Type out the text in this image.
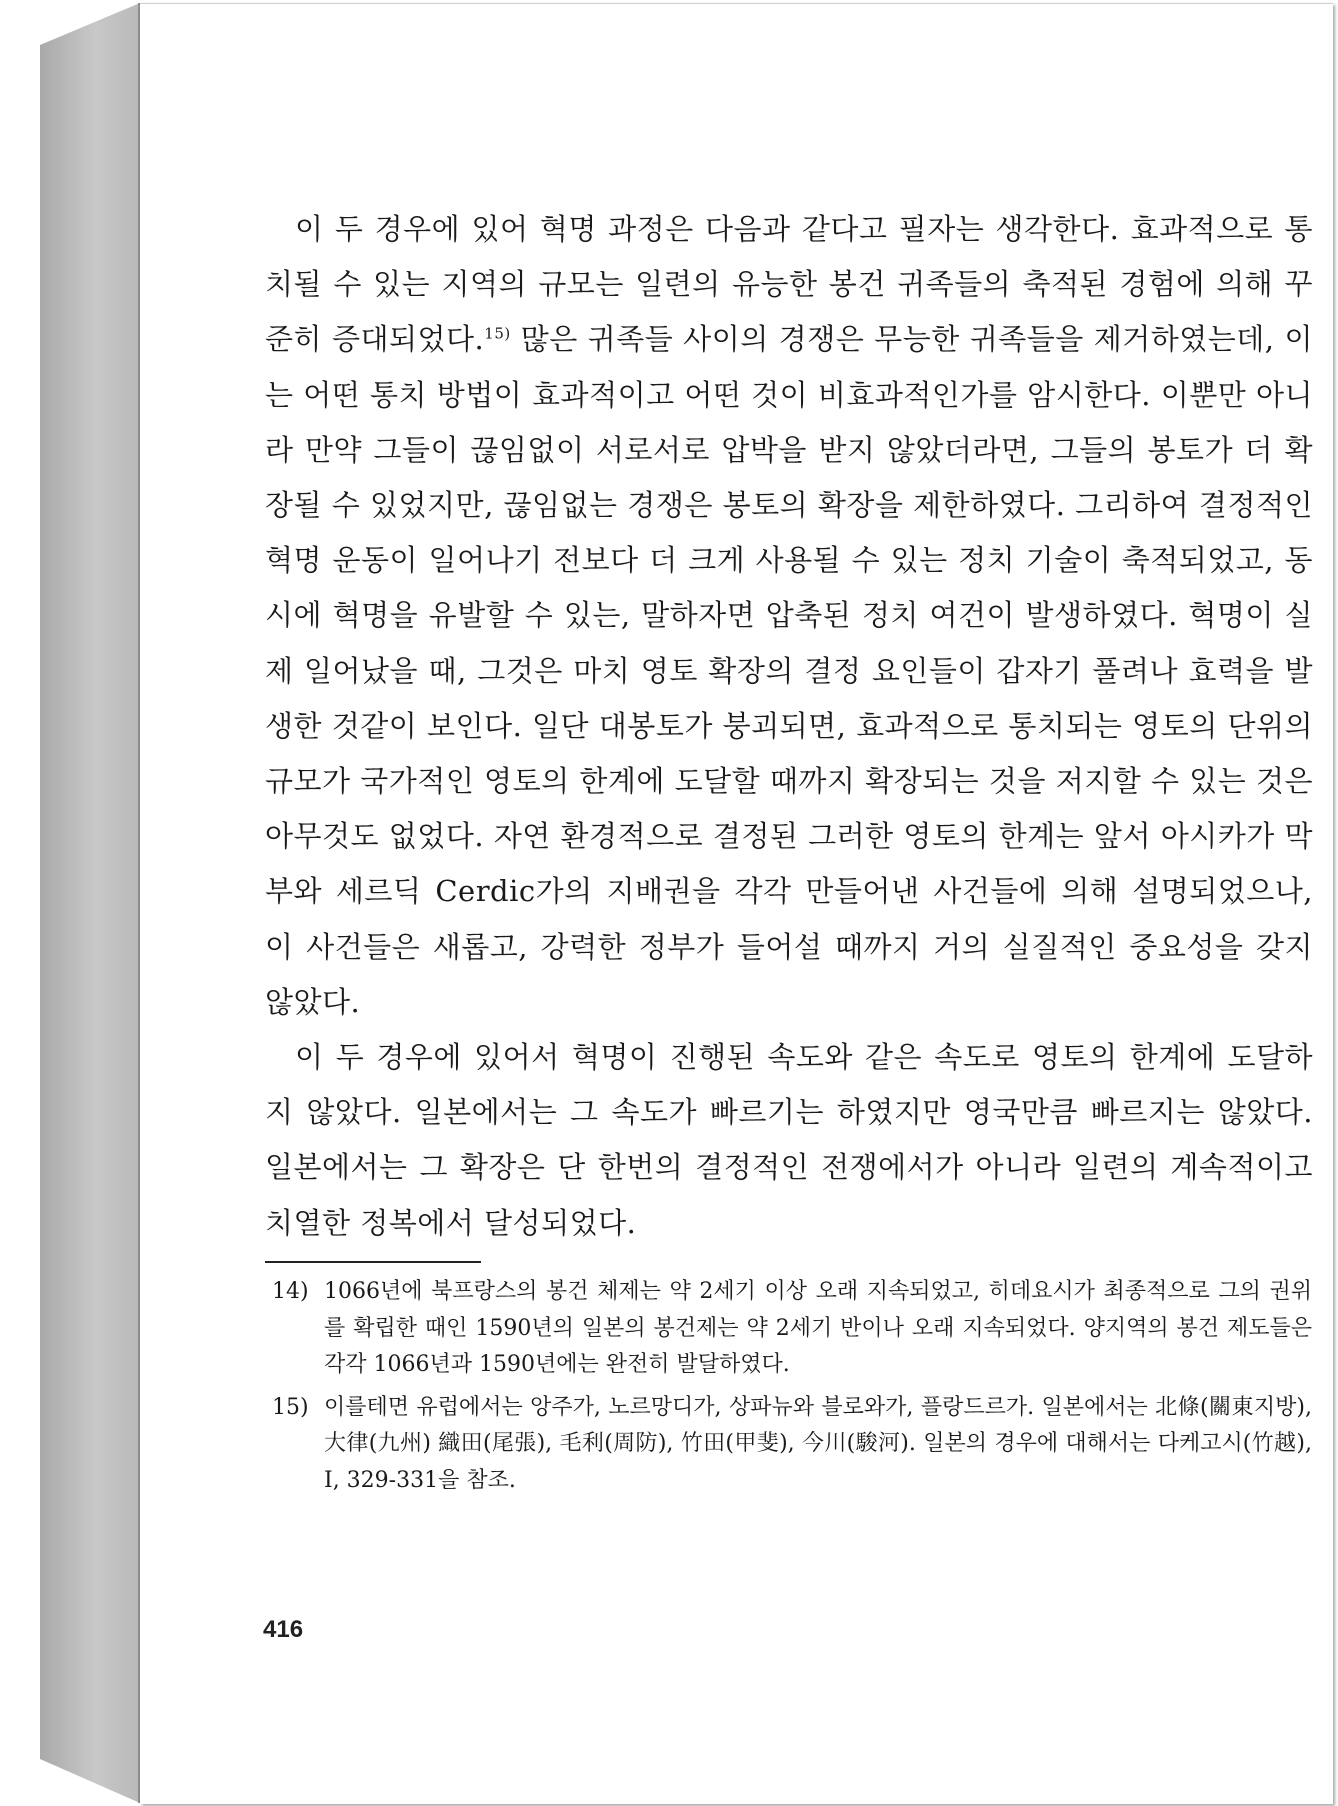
이 두 경우에 있어 혁명 과정은 다음과 같다고 필자는 생각한다. 효과적으로 통치될 수 있는 지역의 규모는 일련의 유능한 봉건 귀족들의 축적된 경험에 의해 꾸준히 증대되었다.$^{15)}$ 많은 귀족들 사이의 경쟁은 무능한 귀족들을 제거하였는데, 이는 어떤 통치 방법이 효과적이고 어떤 것이 비효과적인가를 암시한다. 이뿐만 아니라 만약 그들이 끊임없이 서로서로 압박을 받지 않았더라면, 그들의 봉토가 더 확장될 수 있었지만, 끊임없는 경쟁은 봉토의 확장을 제한하였다. 그리하여 결정적인 혁명 운동이 일어나기 전보다 더 크게 사용될 수 있는 정치 기술이 축적되었고, 동시에 혁명을 유발할 수 있는, 말하자면 압축된 정치 여건이 발생하였다. 혁명이 실제 일어났을 때, 그것은 마치 영토 확장의 결정 요인들이 갑자기 풀려나 효력을 발생한 것같이 보인다. 일단 대봉토가 붕괴되면, 효과적으로 통치되는 영토의 단위의 규모가 국가적인 영토의 한계에 도달할 때까지 확장되는 것을 저지할 수 있는 것은 아무것도 없었다. 자연 환경적으로 결정된 그러한 영토의 한계는 앞서 아시카가 막부와 세르딕 Cerdic가의 지배권을 각각 만들어낸 사건들에 의해 설명되었으나, 이 사건들은 새롭고, 강력한 정부가 들어설 때까지 거의 실질적인 중요성을 갖지 않았다.

이 두 경우에 있어서 혁명이 진행된 속도와 같은 속도로 영토의 한계에 도달하지 않았다. 일본에서는 그 속도가 빠르기는 하였지만 영국만큼 빠르지는 않았다. 일본에서는 그 확장은 단 한번의 결정적인 전쟁에서가 아니라 일련의 계속적이고 치열한 정복에서 달성되었다.

14) 1066년에 북프랑스의 봉건 체제는 약 2세기 이상 오래 지속되었고, 히데요시가 최종적으로 그의 권위를 확립한 때인 1590년의 일본의 봉건제는 약 2세기 반이나 오래 지속되었다. 양지역의 봉건 제도들은 각각 1066년과 1590년에는 완전히 발달하였다.
15) 이를테면 유럽에서는 앙주가, 노르망디가, 상파뉴와 블로와가, 플랑드르가. 일본에서는 北條(關東지방), 大律(九州) 織田(尾張), 毛利(周防), 竹田(甲斐), 今川(駿河). 일본의 경우에 대해서는 다케고시(竹越), Ⅰ, 329-331을 참조.
416
